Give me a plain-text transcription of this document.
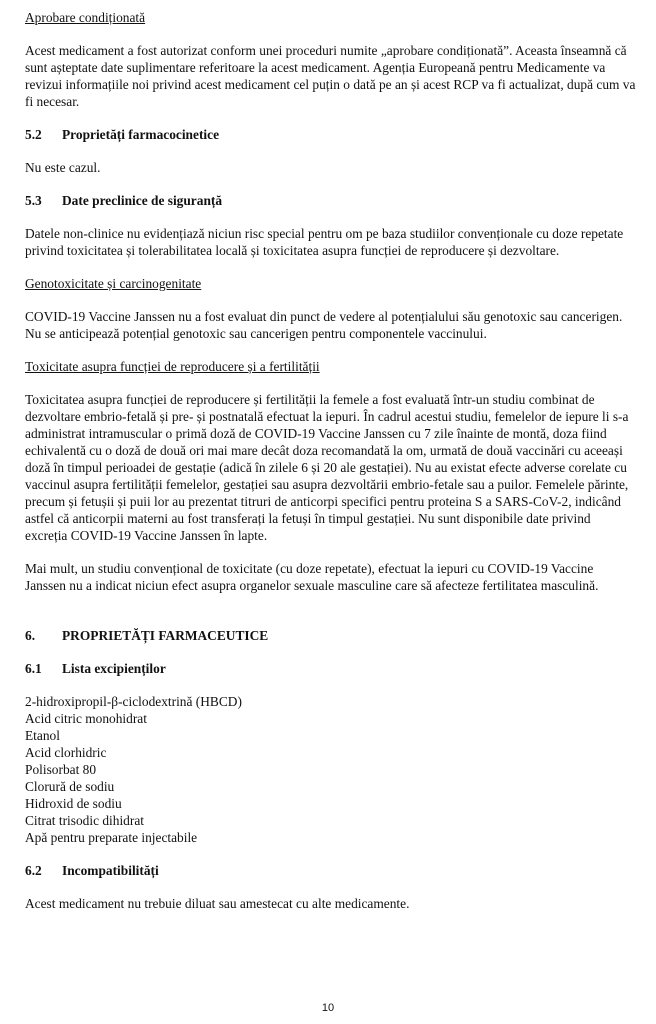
Aprobare condiționată

Acest medicament a fost autorizat conform unei proceduri numite „aprobare condiționată”. Aceasta înseamnă că sunt așteptate date suplimentare referitoare la acest medicament. Agenția Europeană pentru Medicamente va revizui informațiile noi privind acest medicament cel puțin o dată pe an și acest RCP va fi actualizat, după cum va fi necesar.

5.2	Proprietăți farmacocinetice

Nu este cazul.

5.3	Date preclinice de siguranță

Datele non-clinice nu evidențiază niciun risc special pentru om pe baza studiilor convenționale cu doze repetate privind toxicitatea și tolerabilitatea locală și toxicitatea asupra funcției de reproducere și dezvoltare.

Genotoxicitate și carcinogenitate

COVID-19 Vaccine Janssen nu a fost evaluat din punct de vedere al potențialului său genotoxic sau cancerigen. Nu se anticipează potențial genotoxic sau cancerigen pentru componentele vaccinului.

Toxicitate asupra funcției de reproducere și a fertilității

Toxicitatea asupra funcției de reproducere și fertilității la femele a fost evaluată într-un studiu combinat de dezvoltare embrio-fetală și pre- și postnatală efectuat la iepuri. În cadrul acestui studiu, femelelor de iepure li s-a administrat intramuscular o primă doză de COVID-19 Vaccine Janssen cu 7 zile înainte de montă, doza fiind echivalentă cu o doză de două ori mai mare decât doza recomandată la om, urmată de două vaccinări cu aceeași doză în timpul perioadei de gestație (adică în zilele 6 și 20 ale gestației). Nu au existat efecte adverse corelate cu vaccinul asupra fertilității femelelor, gestației sau asupra dezvoltării embrio-fetale sau a puilor. Femelele părinte, precum și fetușii și puii lor au prezentat titruri de anticorpi specifici pentru proteina S a SARS-CoV-2, indicând astfel că anticorpii materni au fost transferați la fetuși în timpul gestației. Nu sunt disponibile date privind excreția COVID-19 Vaccine Janssen în lapte.

Mai mult, un studiu convențional de toxicitate (cu doze repetate), efectuat la iepuri cu COVID-19 Vaccine Janssen nu a indicat niciun efect asupra organelor sexuale masculine care să afecteze fertilitatea masculină.

6.	PROPRIETĂȚI FARMACEUTICE
6.1	Lista excipienților
2-hidroxipropil-β-ciclodextrină (HBCD)
Acid citric monohidrat
Etanol
Acid clorhidric
Polisorbat 80
Clorură de sodiu
Hidroxid de sodiu
Citrat trisodic dihidrat
Apă pentru preparate injectabile
6.2	Incompatibilități

Acest medicament nu trebuie diluat sau amestecat cu alte medicamente.

10
